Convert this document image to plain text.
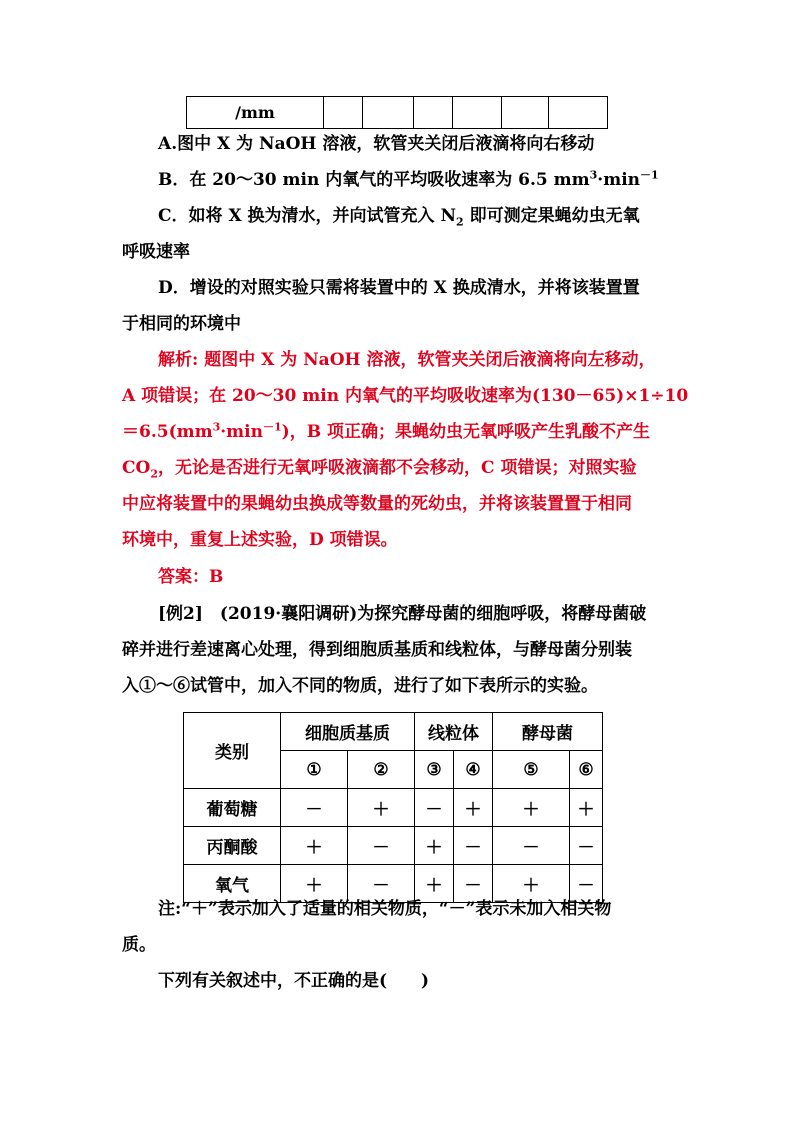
/mm						
A.图中 X 为 NaOH 溶液，软管夹关闭后液滴将向右移动
B．在 20～30 min 内氧气的平均吸收速率为 6.5 $mm^3\cdot\min^{-1}$
C．如将 X 换为清水，并向试管充入 $N_2$ 即可测定果蝇幼虫无氧
呼吸速率
D．增设的对照实验只需将装置中的 X 换成清水，并将该装置置
于相同的环境中
解析: 题图中 X 为 NaOH 溶液，软管夹关闭后液滴将向左移动，
A 项错误；在 20～30 min 内氧气的平均吸收速率为(130－65)×1÷10
$=6.5(mm^3\cdot\min^{-1})$，B 项正确；果蝇幼虫无氧呼吸产生乳酸不产生
$CO_2$，无论是否进行无氧呼吸液滴都不会移动，C 项错误；对照实验
中应将装置中的果蝇幼虫换成等数量的死幼虫，并将该装置置于相同
环境中，重复上述实验，D 项错误。
答案：B
[例2]　 (2019·襄阳调研)为探究酵母菌的细胞呼吸，将酵母菌破
碎并进行差速离心处理，得到细胞质基质和线粒体，与酵母菌分别装
入①～⑥试管中，加入不同的物质，进行了如下表所示的实验。
类别	细胞质基质		线粒体		酵母菌	
	①	②	③	④	⑤	⑥
葡萄糖	－	＋	－	＋	＋	＋
丙酮酸	＋	－	＋	－	－	－
氧气	＋	－	＋	－	＋	－
注:“＋”表示加入了适量的相关物质，“－”表示未加入相关物
质。
下列有关叙述中，不正确的是(　　)
